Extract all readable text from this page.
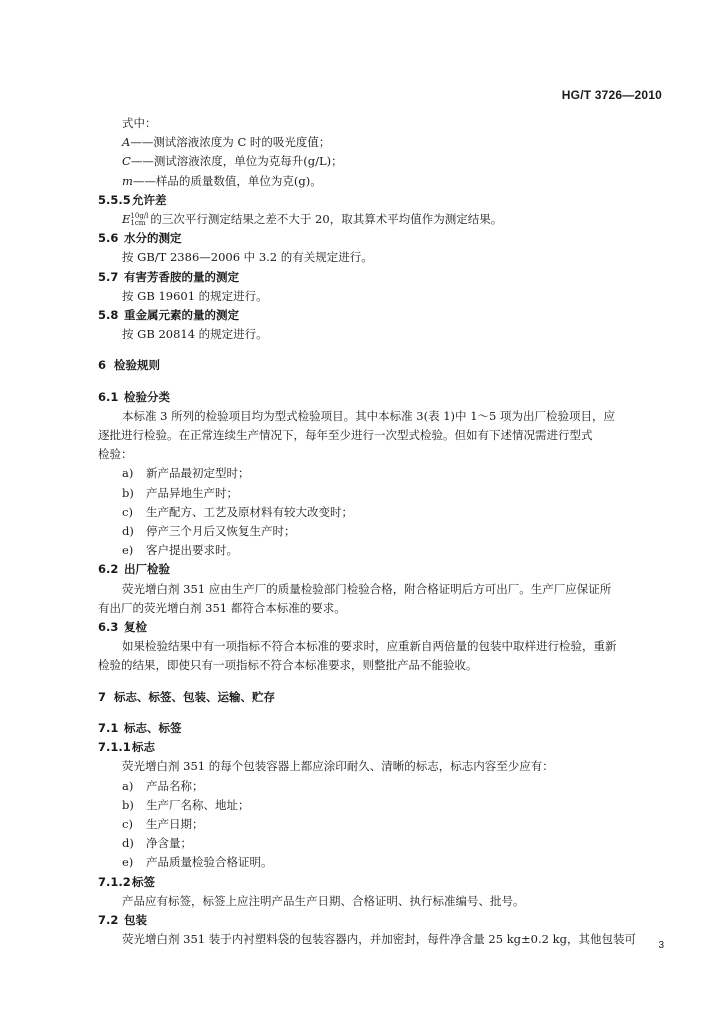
HG/T 3726—2010
式中：
A——测试溶液浓度为 C 时的吸光度值；
C——测试溶液浓度，单位为克每升(g/L)；
m——样品的质量数值，单位为克(g)。
5.5.5允许差
E 10g/l
1cm 的三次平行测定结果之差不大于 20，取其算术平均值作为测定结果。
5.6 水分的测定
按 GB/T 2386—2006 中 3.2 的有关规定进行。
5.7 有害芳香胺的量的测定
按 GB 19601 的规定进行。
5.8 重金属元素的量的测定
按 GB 20814 的规定进行。
6 检验规则
6.1 检验分类
本标准 3 所列的检验项目均为型式检验项目。其中本标准 3(表 1)中 1～5 项为出厂检验项目，应
逐批进行检验。在正常连续生产情况下，每年至少进行一次型式检验。但如有下述情况需进行型式
检验：
a) 新产品最初定型时；
b) 产品异地生产时；
c) 生产配方、工艺及原材料有较大改变时；
d) 停产三个月后又恢复生产时；
e) 客户提出要求时。
6.2 出厂检验
荧光增白剂 351 应由生产厂的质量检验部门检验合格，附合格证明后方可出厂。生产厂应保证所
有出厂的荧光增白剂 351 都符合本标准的要求。
6.3 复检
如果检验结果中有一项指标不符合本标准的要求时，应重新自两倍量的包装中取样进行检验，重新
检验的结果，即使只有一项指标不符合本标准要求，则整批产品不能验收。
7 标志、标签、包装、运输、贮存
7.1 标志、标签
7.1.1标志
荧光增白剂 351 的每个包装容器上都应涂印耐久、清晰的标志，标志内容至少应有：
a) 产品名称；
b) 生产厂名称、地址；
c) 生产日期；
d) 净含量；
e) 产品质量检验合格证明。
7.1.2标签
产品应有标签，标签上应注明产品生产日期、合格证明、执行标准编号、批号。
7.2 包装
荧光增白剂 351 装于内衬塑料袋的包装容器内，并加密封，每件净含量 25 kg±0.2 kg，其他包装可	3
